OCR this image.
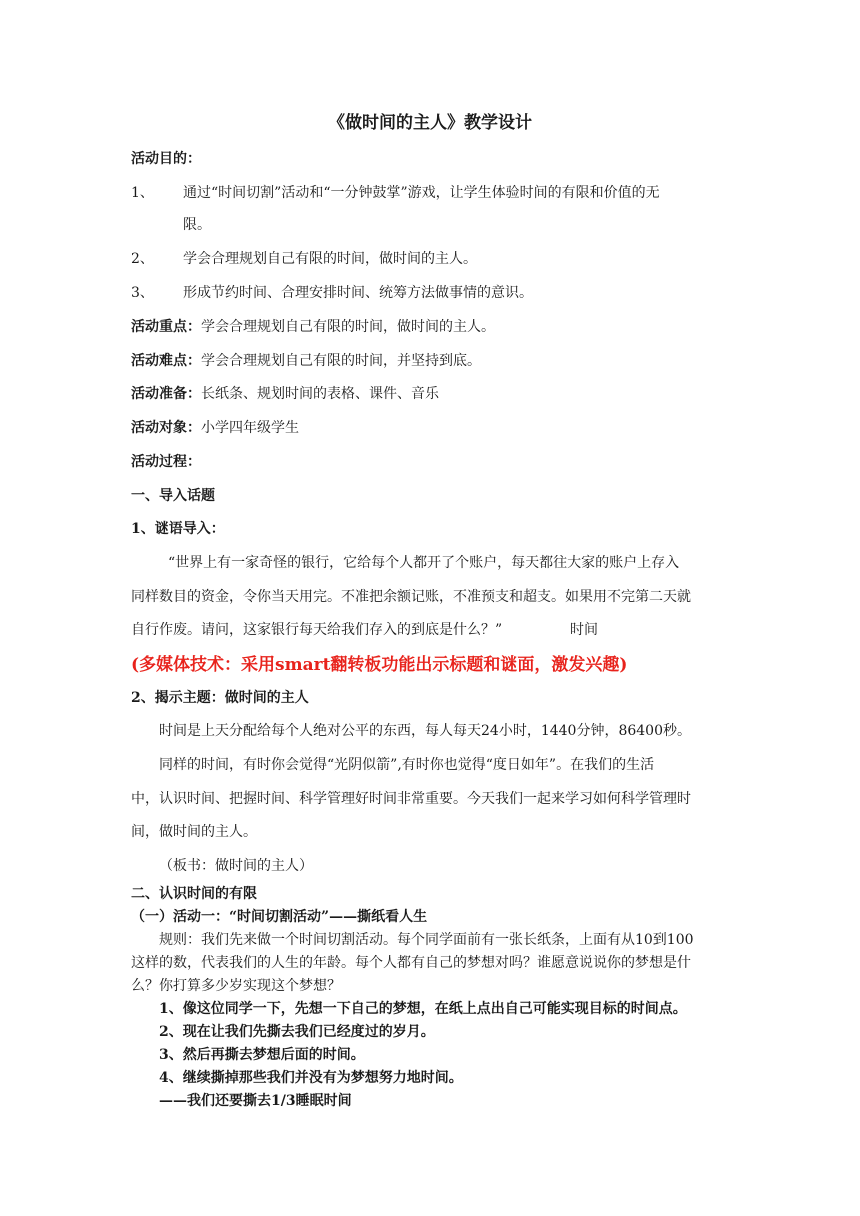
《做时间的主人》教学设计
活动目的：
1、 通过“时间切割”活动和“一分钟鼓掌”游戏，让学生体验时间的有限和价值的无
限。
2、 学会合理规划自己有限的时间，做时间的主人。
3、 形成节约时间、合理安排时间、统筹方法做事情的意识。
活动重点：学会合理规划自己有限的时间，做时间的主人。
活动难点：学会合理规划自己有限的时间，并坚持到底。
活动准备：长纸条、规划时间的表格、课件、音乐
活动对象：小学四年级学生
活动过程：
一、导入话题
1、谜语导入：
“世界上有一家奇怪的银行，它给每个人都开了个账户，每天都往大家的账户上存入
同样数目的资金，令你当天用完。不准把余额记账，不准预支和超支。如果用不完第二天就
自行作废。请问，这家银行每天给我们存入的到底是什么？”	时间
(多媒体技术：采用smart翻转板功能出示标题和谜面，激发兴趣)
2、揭示主题：做时间的主人
时间是上天分配给每个人绝对公平的东西，每人每天24小时，1440分钟，86400秒。
同样的时间，有时你会觉得“光阴似箭”,有时你也觉得“度日如年”。在我们的生活
中，认识时间、把握时间、科学管理好时间非常重要。今天我们一起来学习如何科学管理时
间，做时间的主人。
（板书：做时间的主人）
二、认识时间的有限
（一）活动一：“时间切割活动”——撕纸看人生
规则：我们先来做一个时间切割活动。每个同学面前有一张长纸条，上面有从10到100
这样的数，代表我们的人生的年龄。每个人都有自己的梦想对吗？谁愿意说说你的梦想是什
么？你打算多少岁实现这个梦想？
1、像这位同学一下，先想一下自己的梦想，在纸上点出自己可能实现目标的时间点。
2、现在让我们先撕去我们已经度过的岁月。
3、然后再撕去梦想后面的时间。
4、继续撕掉那些我们并没有为梦想努力地时间。
——我们还要撕去1/3睡眠时间
